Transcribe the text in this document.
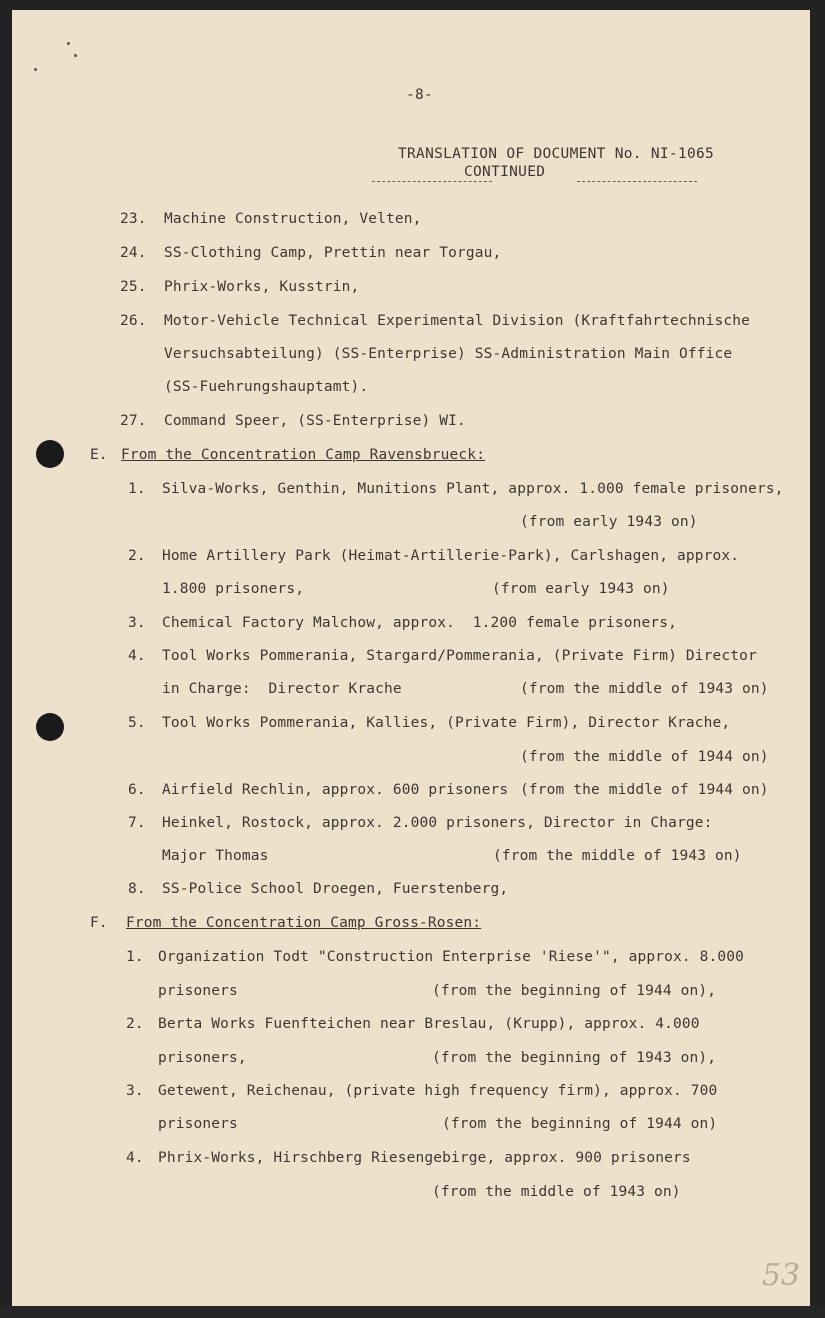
-8-
TRANSLATION OF DOCUMENT No. NI-1065
CONTINUED
23. Machine Construction, Velten,
24. SS-Clothing Camp, Prettin near Torgau,
25. Phrix-Works, Kusstrin,
26. Motor-Vehicle Technical Experimental Division (Kraftfahrtechnische
Versuchsabteilung) (SS-Enterprise) SS-Administration Main Office
(SS-Fuehrungshauptamt).
27. Command Speer, (SS-Enterprise) WI.
E. From the Concentration Camp Ravensbrueck:
1. Silva-Works, Genthin, Munitions Plant, approx. 1.000 female prisoners,
(from early 1943 on)
2. Home Artillery Park (Heimat-Artillerie-Park), Carlshagen, approx.
1.800 prisoners,	(from early 1943 on)
3. Chemical Factory Malchow, approx.  1.200 female prisoners,
4. Tool Works Pommerania, Stargard/Pommerania, (Private Firm) Director
in Charge:  Director Krache	(from the middle of 1943 on)
5. Tool Works Pommerania, Kallies, (Private Firm), Director Krache,
(from the middle of 1944 on)
6. Airfield Rechlin, approx. 600 prisoners (from the middle of 1944 on)
7. Heinkel, Rostock, approx. 2.000 prisoners, Director in Charge:
Major Thomas	(from the middle of 1943 on)
8. SS-Police School Droegen, Fuerstenberg,
F. From the Concentration Camp Gross-Rosen:
1. Organization Todt "Construction Enterprise 'Riese'", approx. 8.000
prisoners	(from the beginning of 1944 on),
2. Berta Works Fuenfteichen near Breslau, (Krupp), approx. 4.000
prisoners,	(from the beginning of 1943 on),
3. Getewent, Reichenau, (private high frequency firm), approx. 700
prisoners	(from the beginning of 1944 on)
4. Phrix-Works, Hirschberg Riesengebirge, approx. 900 prisoners
(from the middle of 1943 on)
53
